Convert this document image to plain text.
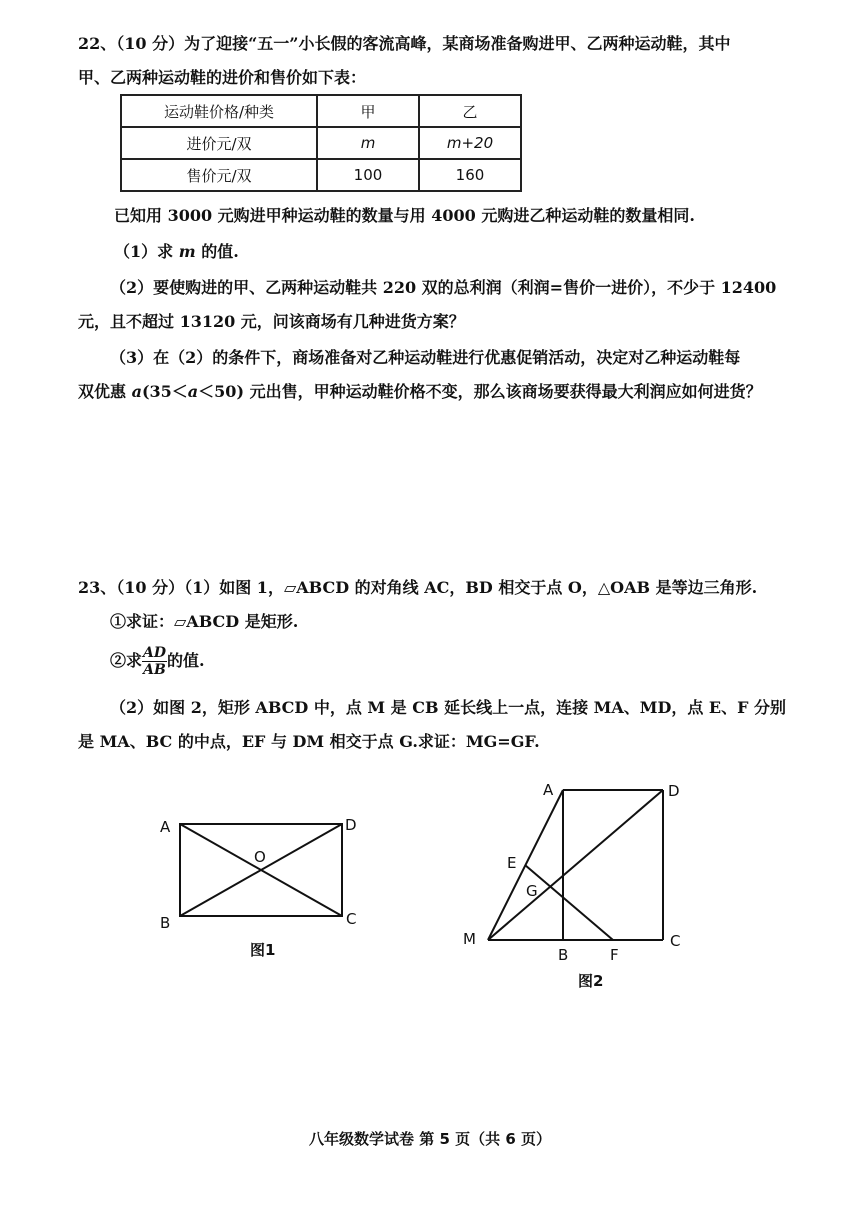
22、（10 分）为了迎接“五一”小长假的客流高峰，某商场准备购进甲、乙两种运动鞋，其中
甲、乙两种运动鞋的进价和售价如下表：
运动鞋价格/种类	甲	乙
进价元/双	m	m+20
售价元/双	100	160
已知用 3000 元购进甲种运动鞋的数量与用 4000 元购进乙种运动鞋的数量相同.
（1）求 m 的值.
（2）要使购进的甲、乙两种运动鞋共 220 双的总利润（利润=售价一进价），不少于 12400
元，且不超过 13120 元，问该商场有几种进货方案？
（3）在（2）的条件下，商场准备对乙种运动鞋进行优惠促销活动，决定对乙种运动鞋每
双优惠 a(35＜a＜50) 元出售，甲种运动鞋价格不变，那么该商场要获得最大利润应如何进货？
23、（10 分）（1）如图 1，▱ABCD 的对角线 AC，BD 相交于点 O，△OAB 是等边三角形.
①求证：▱ABCD 是矩形.
②求 $\frac{AD}{AB}$ 的值.
（2）如图 2，矩形 ABCD 中，点 M 是 CB 延长线上一点，连接 MA、MD，点 E、F 分别
是 MA、BC 的中点，EF 与 DM 相交于点 G.求证：MG=GF.
A	D
O
B	C
图1
A	D
E
G
M
B	F
C
图2
八年级数学试卷 第 5 页（共 6 页）
